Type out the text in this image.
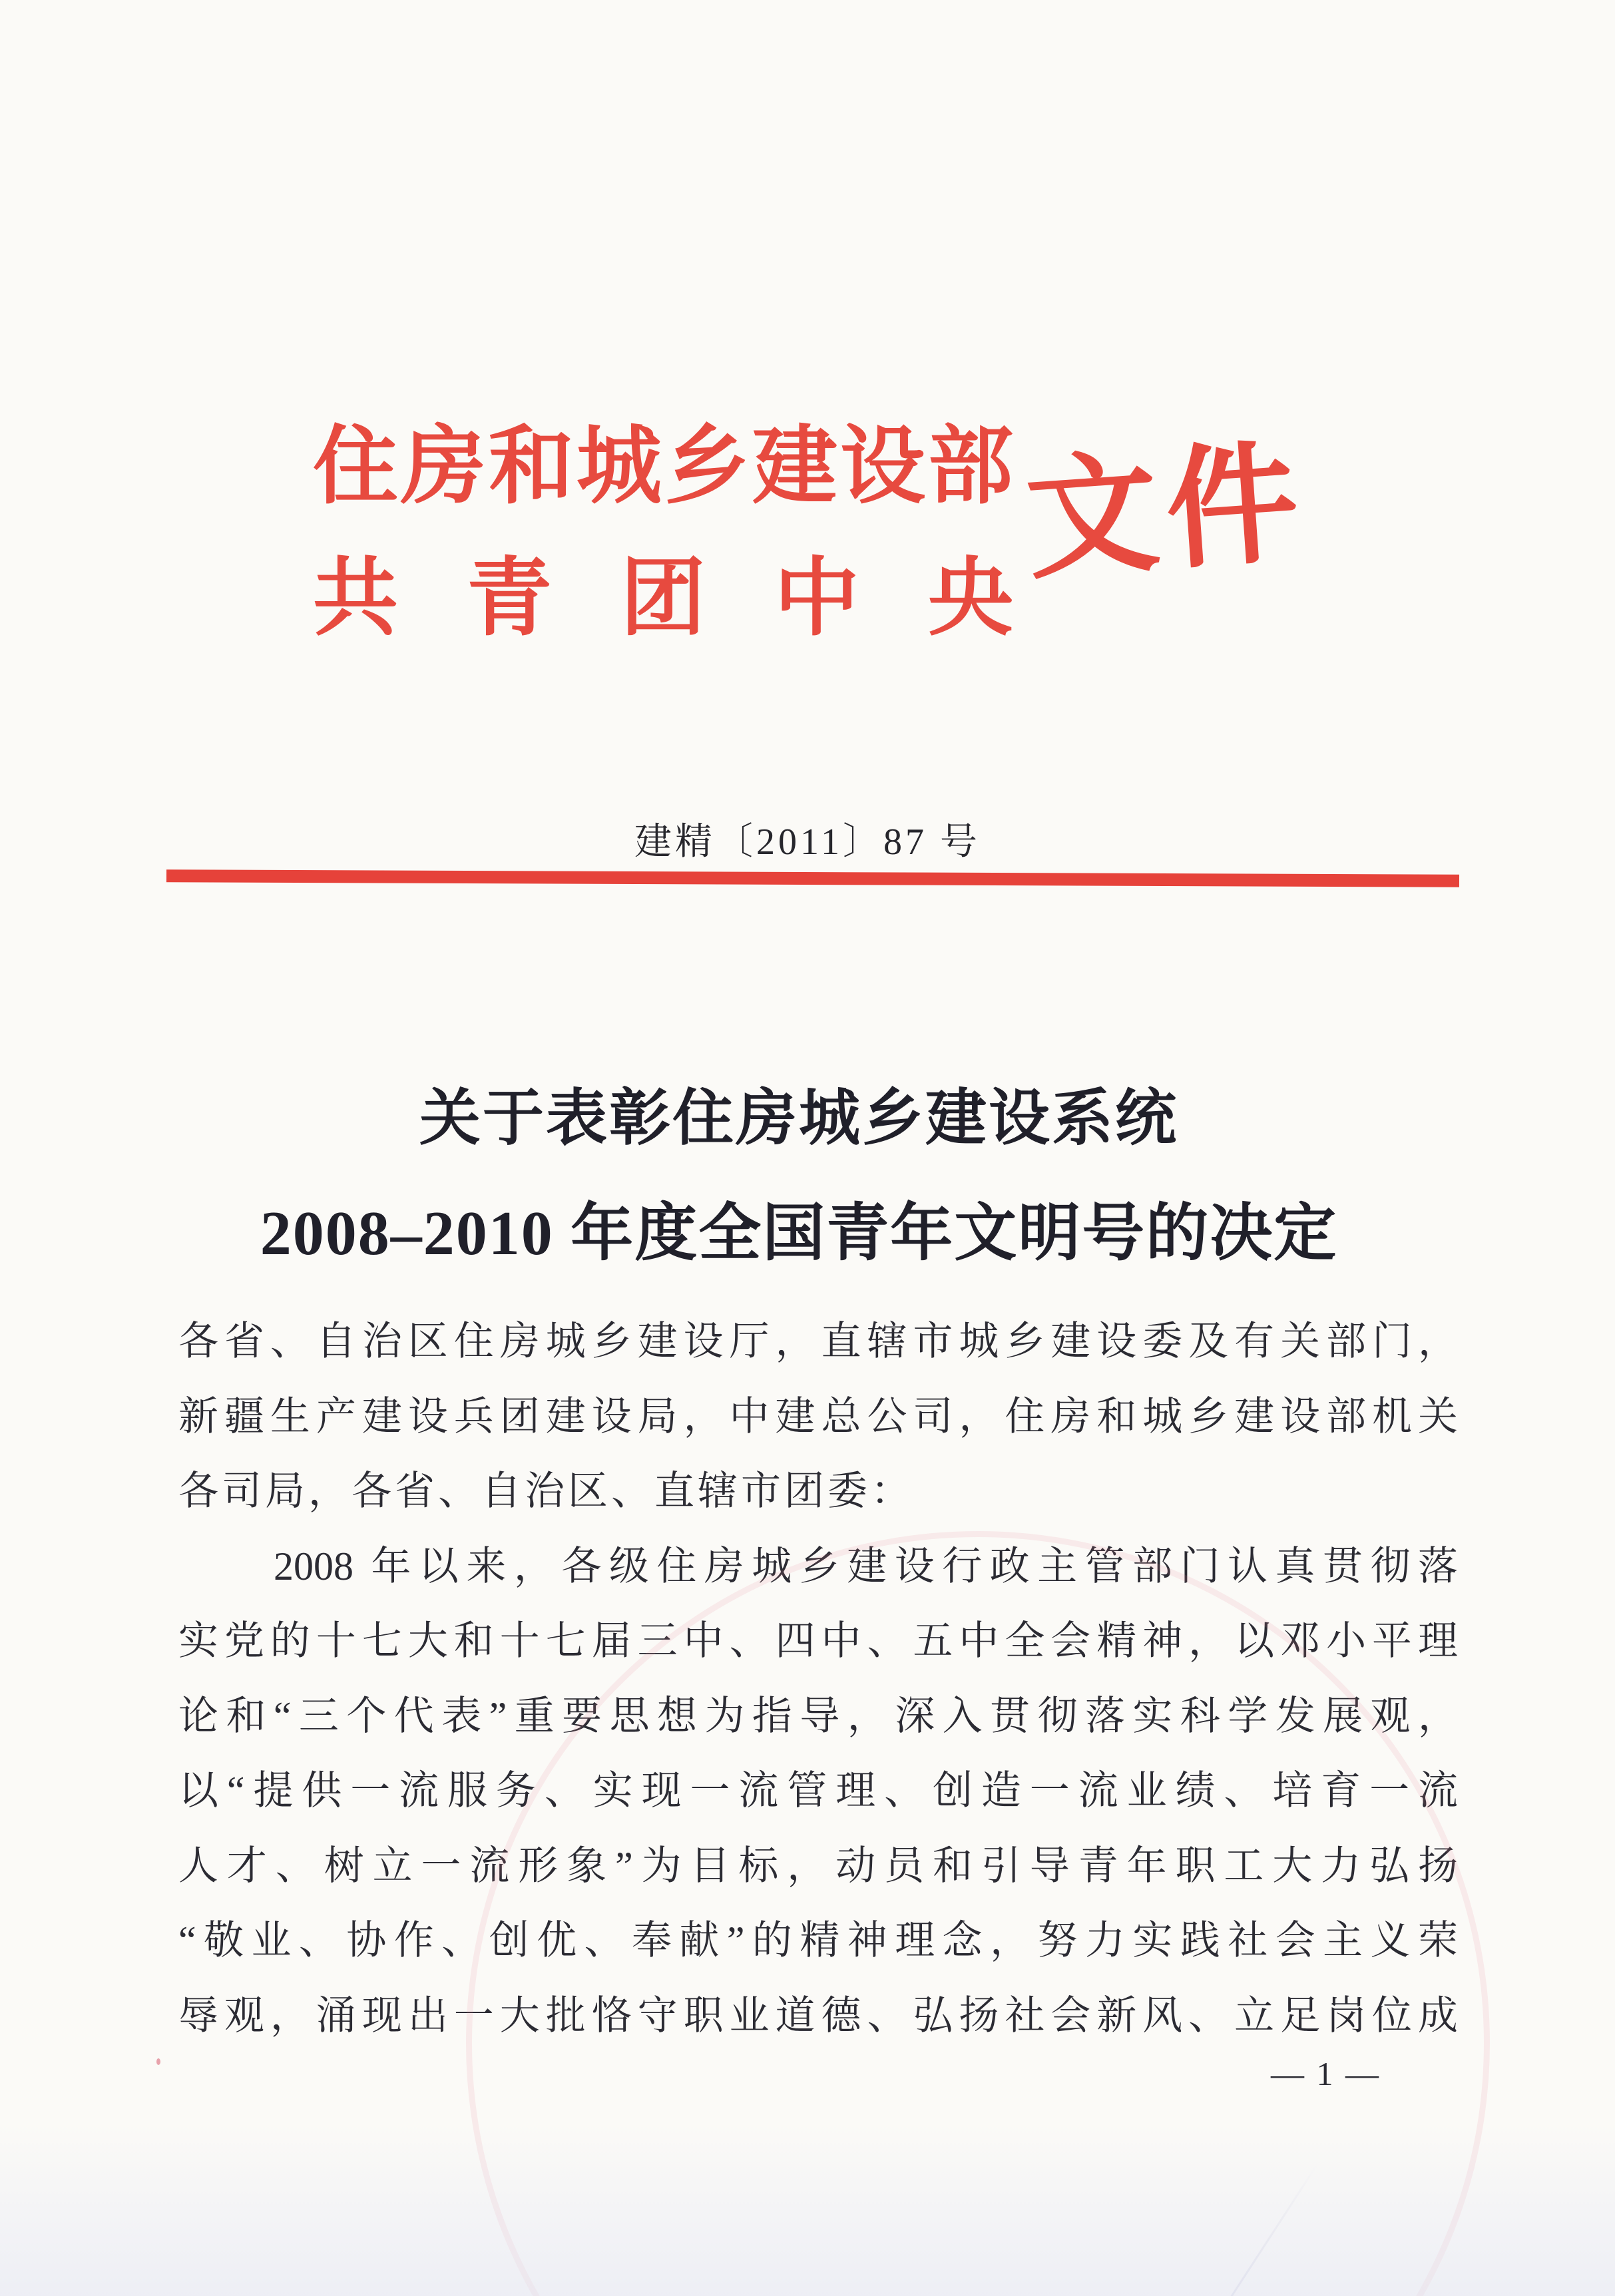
住房和城乡建设部
共青团中央
文件
建精〔2011〕87 号
关于表彰住房城乡建设系统
2008–2010 年度全国青年文明号的决定
各省、自治区住房城乡建设厅，直辖市城乡建设委及有关部门，
新疆生产建设兵团建设局，中建总公司，住房和城乡建设部机关
各司局，各省、自治区、直辖市团委：
　　2008 年以来，各级住房城乡建设行政主管部门认真贯彻落
实党的十七大和十七届三中、四中、五中全会精神，以邓小平理
论和“三个代表”重要思想为指导，深入贯彻落实科学发展观，
以“提供一流服务、实现一流管理、创造一流业绩、培育一流
人才、树立一流形象”为目标，动员和引导青年职工大力弘扬
“敬业、协作、创优、奉献”的精神理念，努力实践社会主义荣
辱观，涌现出一大批恪守职业道德、弘扬社会新风、立足岗位成
— 1 —
